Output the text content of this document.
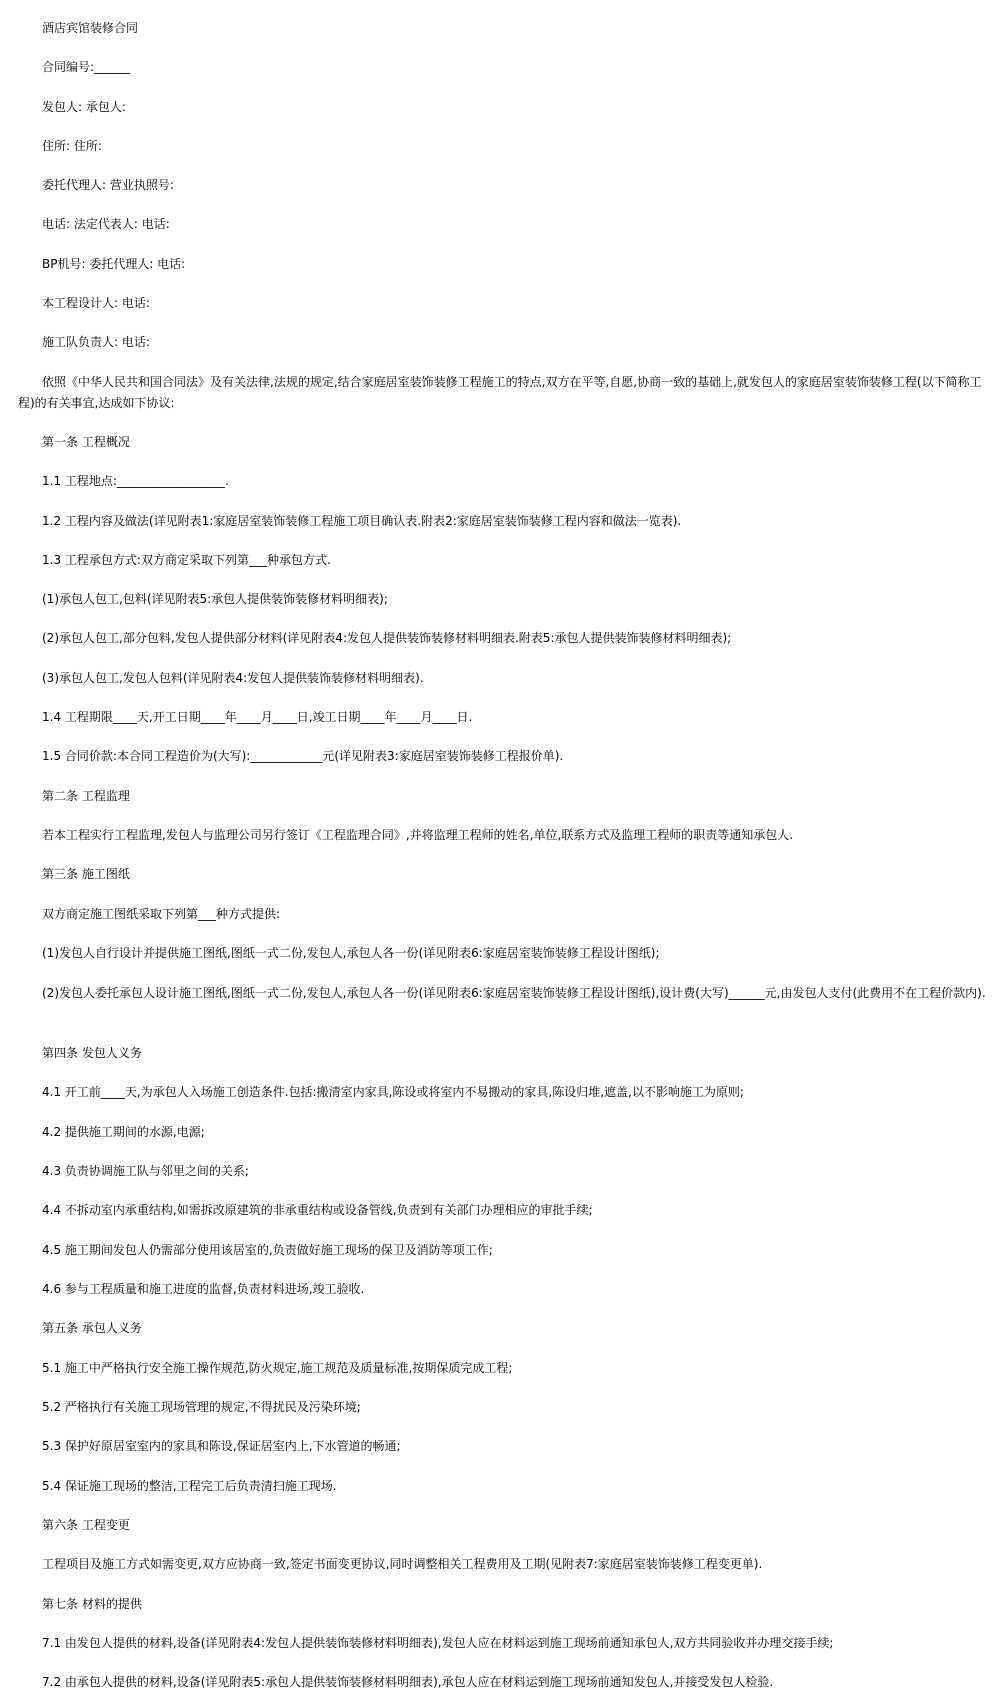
酒店宾馆装修合同

合同编号:______

发包人: 承包人:

住所: 住所:

委托代理人: 营业执照号:

电话: 法定代表人: 电话:

BP机号: 委托代理人: 电话:

本工程设计人: 电话:

施工队负责人: 电话:

依照《中华人民共和国合同法》及有关法律,法规的规定,结合家庭居室装饰装修工程施工的特点,双方在平等,自愿,协商一致的基础上,就发包人的家庭居室装饰装修工程(以下简称工程)的有关事宜,达成如下协议:

第一条 工程概况

1.1 工程地点:__________________.

1.2 工程内容及做法(详见附表1:家庭居室装饰装修工程施工项目确认表.附表2:家庭居室装饰装修工程内容和做法一览表).

1.3 工程承包方式:双方商定采取下列第___种承包方式.

(1)承包人包工,包料(详见附表5:承包人提供装饰装修材料明细表);

(2)承包人包工,部分包料,发包人提供部分材料(详见附表4:发包人提供装饰装修材料明细表.附表5:承包人提供装饰装修材料明细表);

(3)承包人包工,发包人包料(详见附表4:发包人提供装饰装修材料明细表).

1.4 工程期限____天,开工日期____年____月____日,竣工日期____年____月____日.

1.5 合同价款:本合同工程造价为(大写):____________元(详见附表3:家庭居室装饰装修工程报价单).

第二条 工程监理

若本工程实行工程监理,发包人与监理公司另行签订《工程监理合同》,并将监理工程师的姓名,单位,联系方式及监理工程师的职责等通知承包人.

第三条 施工图纸

双方商定施工图纸采取下列第___种方式提供:

(1)发包人自行设计并提供施工图纸,图纸一式二份,发包人,承包人各一份(详见附表6:家庭居室装饰装修工程设计图纸);

(2)发包人委托承包人设计施工图纸,图纸一式二份,发包人,承包人各一份(详见附表6:家庭居室装饰装修工程设计图纸),设计费(大写)______元,由发包人支付(此费用不在工程价款内).

第四条 发包人义务

4.1 开工前____天,为承包人入场施工创造条件.包括:搬清室内家具,陈设或将室内不易搬动的家具,陈设归堆,遮盖,以不影响施工为原则;

4.2 提供施工期间的水源,电源;

4.3 负责协调施工队与邻里之间的关系;

4.4 不拆动室内承重结构,如需拆改原建筑的非承重结构或设备管线,负责到有关部门办理相应的审批手续;

4.5 施工期间发包人仍需部分使用该居室的,负责做好施工现场的保卫及消防等项工作;

4.6 参与工程质量和施工进度的监督,负责材料进场,竣工验收.

第五条 承包人义务

5.1 施工中严格执行安全施工操作规范,防火规定,施工规范及质量标准,按期保质完成工程;

5.2 严格执行有关施工现场管理的规定,不得扰民及污染环境;

5.3 保护好原居室室内的家具和陈设,保证居室内上,下水管道的畅通;

5.4 保证施工现场的整洁,工程完工后负责清扫施工现场.

第六条 工程变更

工程项目及施工方式如需变更,双方应协商一致,签定书面变更协议,同时调整相关工程费用及工期(见附表7:家庭居室装饰装修工程变更单).

第七条 材料的提供

7.1 由发包人提供的材料,设备(详见附表4:发包人提供装饰装修材料明细表),发包人应在材料运到施工现场前通知承包人,双方共同验收并办理交接手续;

7.2 由承包人提供的材料,设备(详见附表5:承包人提供装饰装修材料明细表),承包人应在材料运到施工现场前通知发包人,并接受发包人检验.
